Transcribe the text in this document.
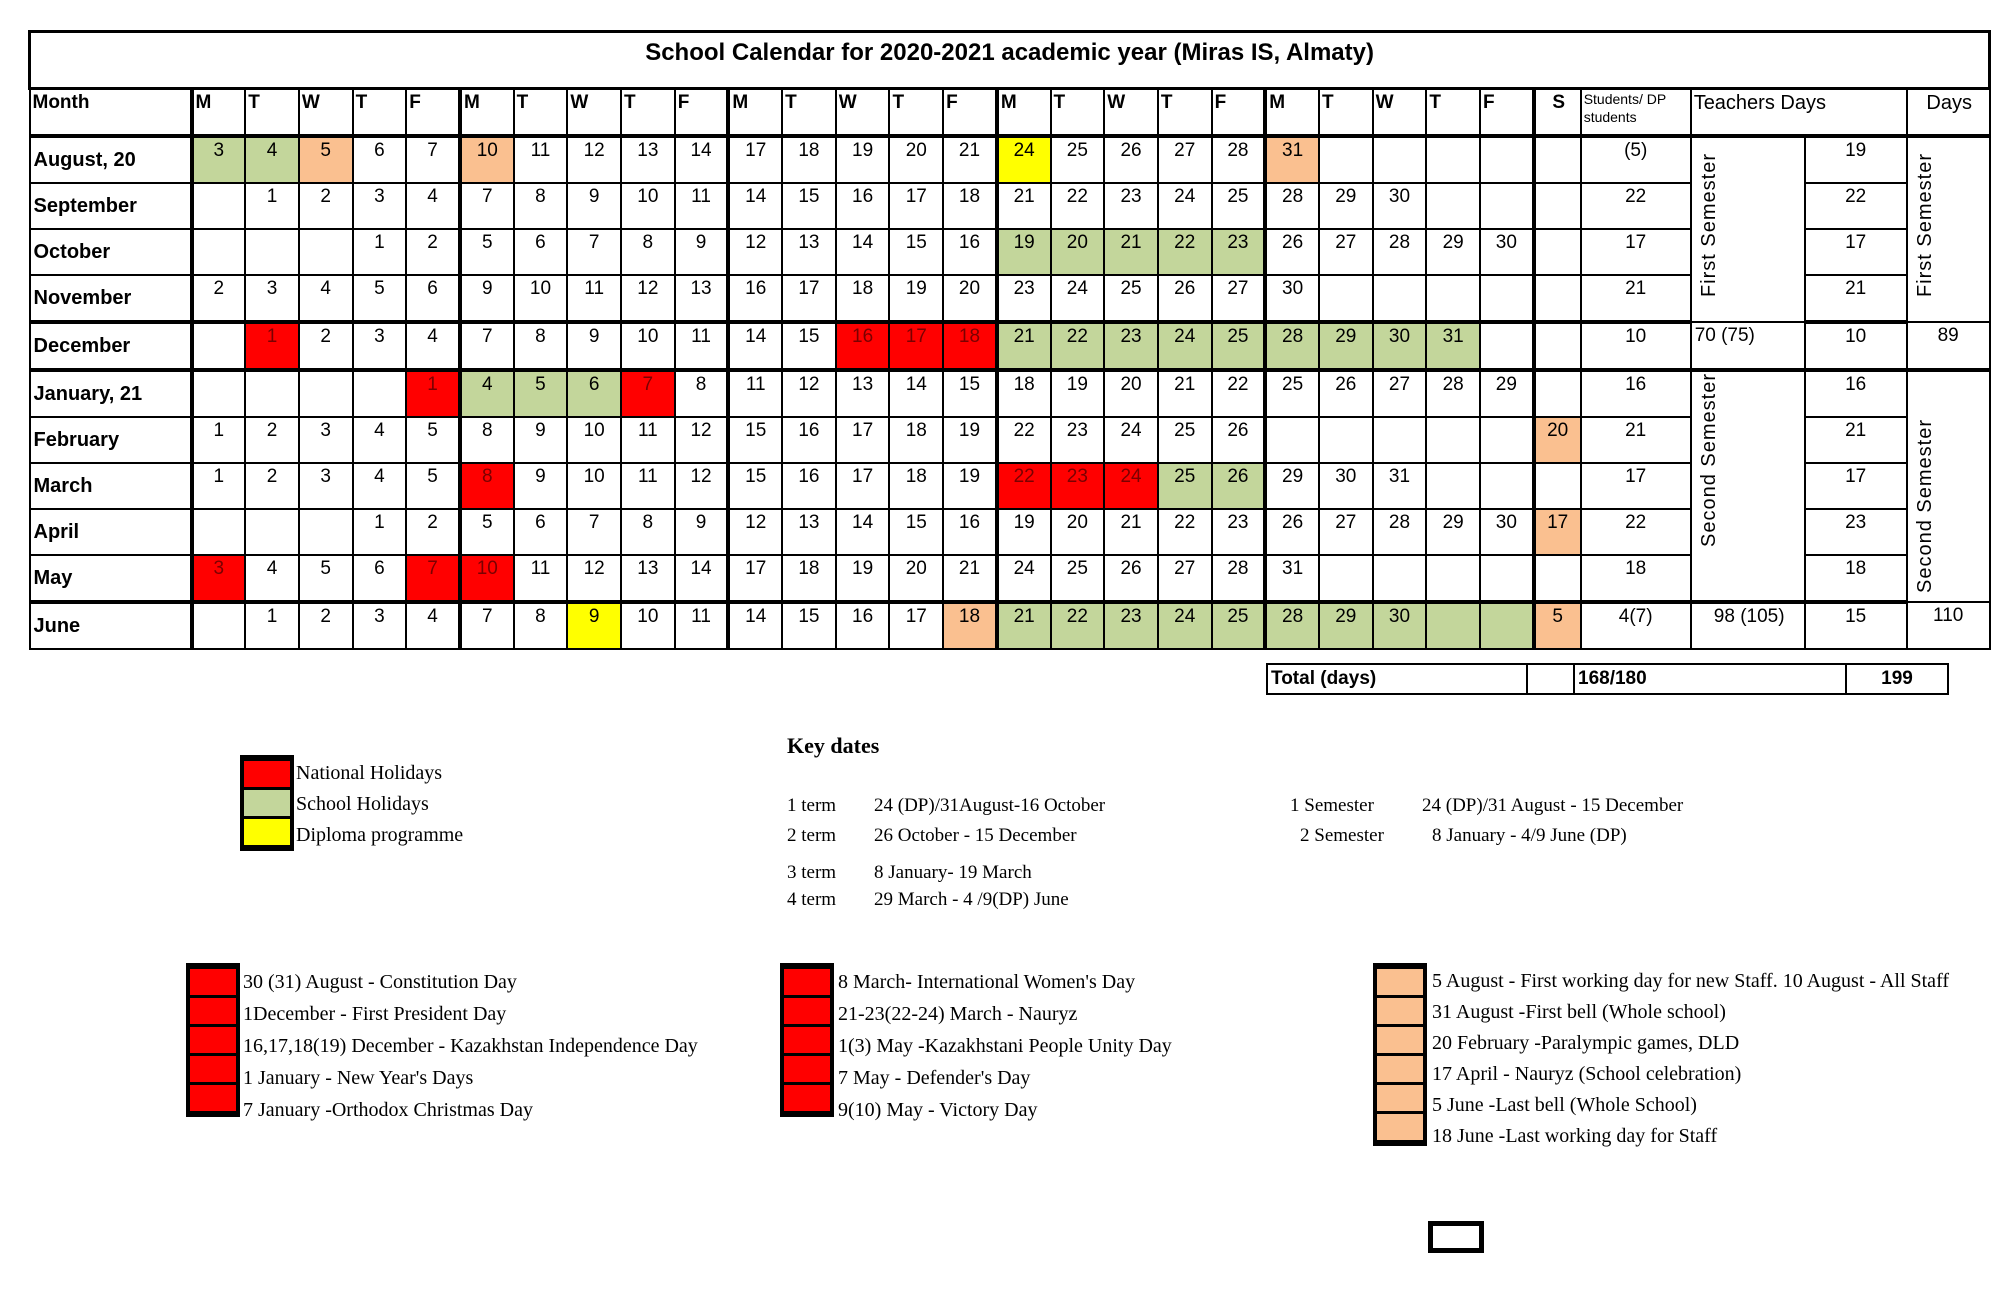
School Calendar for 2020-2021 academic year (Miras IS, Almaty)																														
Month	M	T	W	T	F	M	T	W	T	F	M	T	W	T	F	M	T	W	T	F	M	T	W	T	F	S	Students/ DP students	Teachers Days		Days
August, 20	3	4	5	6	7	10	11	12	13	14	17	18	19	20	21	24	25	26	27	28	31						(5)	First Semester	19	First Semester
September		1	2	3	4	7	8	9	10	11	14	15	16	17	18	21	22	23	24	25	28	29	30				22		22	
October				1	2	5	6	7	8	9	12	13	14	15	16	19	20	21	22	23	26	27	28	29	30		17		17	
November	2	3	4	5	6	9	10	11	12	13	16	17	18	19	20	23	24	25	26	27	30						21		21	
December		1	2	3	4	7	8	9	10	11	14	15	16	17	18	21	22	23	24	25	28	29	30	31			10	70 (75)	10	89
January, 21					1	4	5	6	7	8	11	12	13	14	15	18	19	20	21	22	25	26	27	28	29		16	Second Semester	16	Second Semester
February	1	2	3	4	5	8	9	10	11	12	15	16	17	18	19	22	23	24	25	26						20	21		21	
March	1	2	3	4	5	8	9	10	11	12	15	16	17	18	19	22	23	24	25	26	29	30	31				17		17	
April				1	2	5	6	7	8	9	12	13	14	15	16	19	20	21	22	23	26	27	28	29	30	17	22		23	
May	3	4	5	6	7	10	11	12	13	14	17	18	19	20	21	24	25	26	27	28	31						18		18	
June		1	2	3	4	7	8	9	10	11	14	15	16	17	18	21	22	23	24	25	28	29	30			5	4(7)	98 (105)	15	110
Total (days)		168/180	199
National Holidays
School Holidays
Diploma programme
Key dates
1 term 24 (DP)/31August-16 October
2 term 26 October - 15 December
3 term 8 January- 19 March
4 term 29 March - 4 /9(DP) June
1 Semester	24 (DP)/31 August - 15 December
2 Semester	8 January - 4/9 June (DP)
30 (31) August - Constitution Day
1December - First President Day
16,17,18(19) December - Kazakhstan Independence Day
1 January - New Year's Days
7 January -Orthodox Christmas Day
8 March- International Women's Day
21-23(22-24) March - Nauryz
1(3) May -Kazakhstani People Unity Day
7 May - Defender's Day
9(10) May - Victory Day
5 August - First working day for new Staff. 10 August - All Staff
31 August -First bell (Whole school)
20 February -Paralympic games, DLD
17 April - Nauryz (School celebration)
5 June -Last bell (Whole School)
18 June -Last working day for Staff
